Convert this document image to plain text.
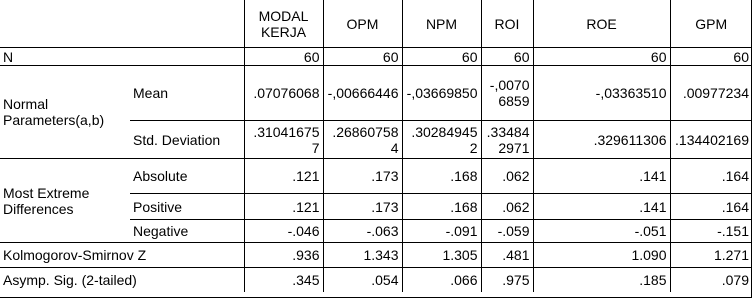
		MODAL KERJA	OPM	NPM	ROI	ROE	GPM
N		60	60	60	60	60	60
Normal Parameters(a,b)	Mean	.07076068	-,00666446	-,03669850	-,00706859	-,03363510	.00977234
	Std. Deviation	.310416757	.268607584	.302849452	.334842971	.329611306	.134402169
Most Extreme Differences	Absolute	.121	.173	.168	.062	.141	.164
	Positive	.121	.173	.168	.062	.141	.164
	Negative	-.046	-.063	-.091	-.059	-.051	-.151
Kolmogorov-Smirnov Z		.936	1.343	1.305	.481	1.090	1.271
Asymp. Sig. (2-tailed)		.345	.054	.066	.975	.185	.079
